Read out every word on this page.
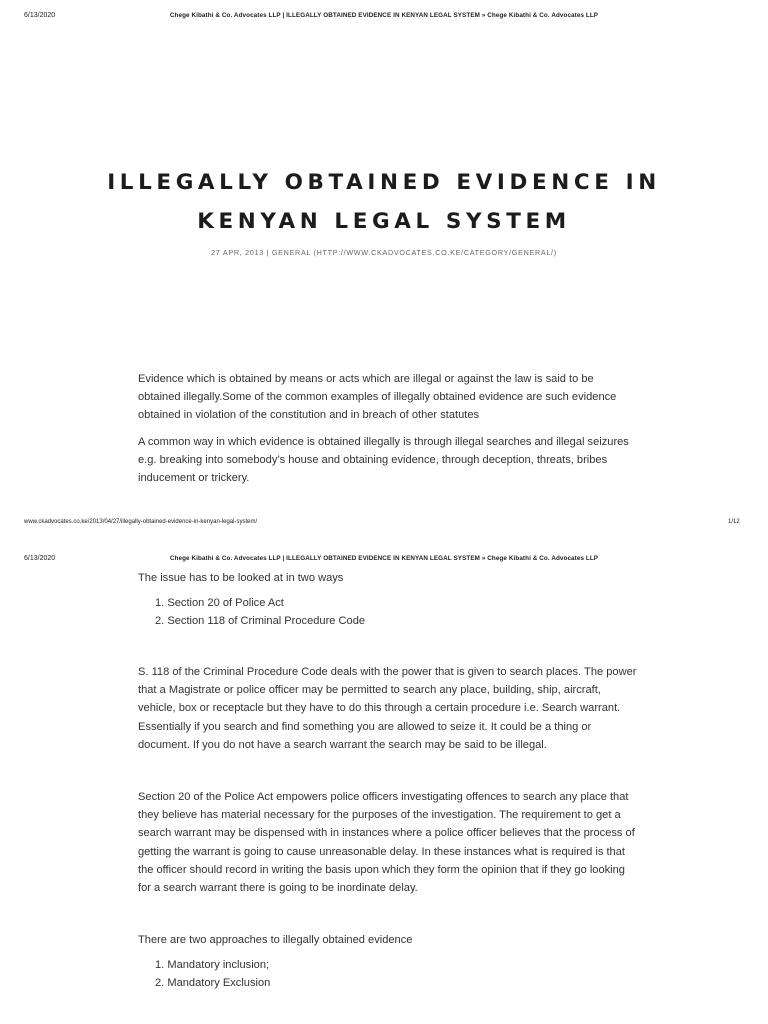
6/13/2020	Chege Kibathi & Co. Advocates LLP | ILLEGALLY OBTAINED EVIDENCE IN KENYAN LEGAL SYSTEM » Chege Kibathi & Co. Advocates LLP
ILLEGALLY OBTAINED EVIDENCE IN
KENYAN LEGAL SYSTEM
27 APR, 2013 | GENERAL (HTTP://WWW.CKADVOCATES.CO.KE/CATEGORY/GENERAL/)

Evidence which is obtained by means or acts which are illegal or against the law is said to be obtained illegally.Some of the common examples of illegally obtained evidence are such evidence obtained in violation of the constitution and in breach of other statutes

A common way in which evidence is obtained illegally is through illegal searches and illegal seizures e.g. breaking into somebody’s house and obtaining evidence, through deception, threats, bribes inducement or trickery.

www.ckadvocates.co.ke/2013/04/27/illegally-obtained-evidence-in-kenyan-legal-system/	1/12
6/13/2020	Chege Kibathi & Co. Advocates LLP | ILLEGALLY OBTAINED EVIDENCE IN KENYAN LEGAL SYSTEM » Chege Kibathi & Co. Advocates LLP
The issue has to be looked at in two ways
1. Section 20 of Police Act
2. Section 118 of Criminal Procedure Code
S. 118 of the Criminal Procedure Code deals with the power that is given to search places. The power that a Magistrate or police officer may be permitted to search any place, building, ship, aircraft, vehicle, box or receptacle but they have to do this through a certain procedure i.e. Search warrant. Essentially if you search and find something you are allowed to seize it. It could be a thing or document. If you do not have a search warrant the search may be said to be illegal.
Section 20 of the Police Act empowers police officers investigating offences to search any place that they believe has material necessary for the purposes of the investigation. The requirement to get a search warrant may be dispensed with in instances where a police officer believes that the process of getting the warrant is going to cause unreasonable delay. In these instances what is required is that the officer should record in writing the basis upon which they form the opinion that if they go looking for a search warrant there is going to be inordinate delay.
There are two approaches to illegally obtained evidence
1. Mandatory inclusion;
2. Mandatory Exclusion
